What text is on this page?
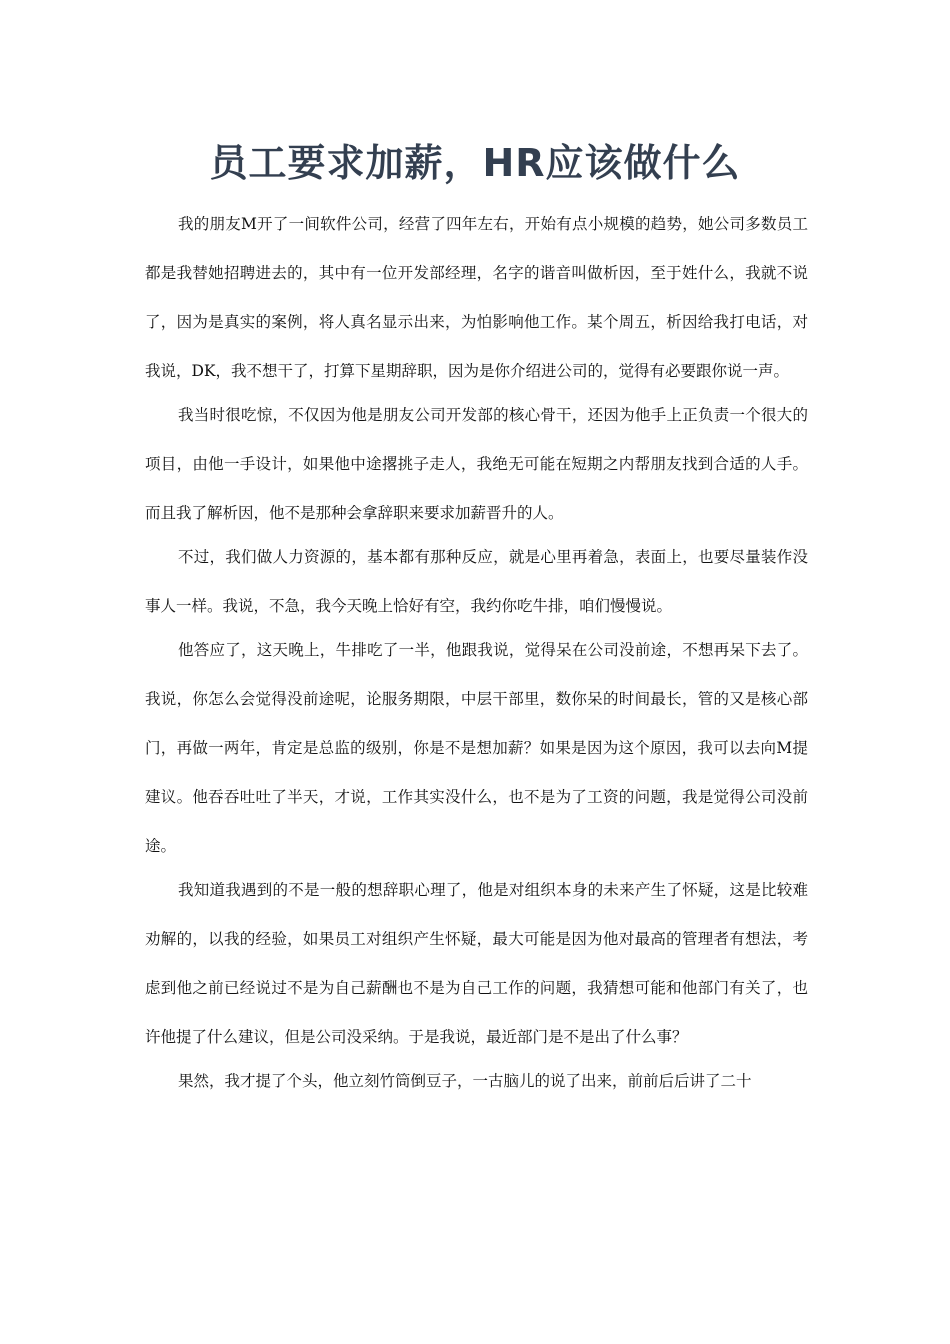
员工要求加薪，HR应该做什么

我的朋友M开了一间软件公司，经营了四年左右，开始有点小规模的趋势，她公司多数员工都是我替她招聘进去的，其中有一位开发部经理，名字的谐音叫做析因，至于姓什么，我就不说了，因为是真实的案例，将人真名显示出来，为怕影响他工作。某个周五，析因给我打电话，对我说，DK，我不想干了，打算下星期辞职，因为是你介绍进公司的，觉得有必要跟你说一声。

我当时很吃惊，不仅因为他是朋友公司开发部的核心骨干，还因为他手上正负责一个很大的项目，由他一手设计，如果他中途撂挑子走人，我绝无可能在短期之内帮朋友找到合适的人手。而且我了解析因，他不是那种会拿辞职来要求加薪晋升的人。

不过，我们做人力资源的，基本都有那种反应，就是心里再着急，表面上，也要尽量装作没事人一样。我说，不急，我今天晚上恰好有空，我约你吃牛排，咱们慢慢说。

他答应了，这天晚上，牛排吃了一半，他跟我说，觉得呆在公司没前途，不想再呆下去了。我说，你怎么会觉得没前途呢，论服务期限，中层干部里，数你呆的时间最长，管的又是核心部门，再做一两年，肯定是总监的级别，你是不是想加薪？如果是因为这个原因，我可以去向M提建议。他吞吞吐吐了半天，才说，工作其实没什么，也不是为了工资的问题，我是觉得公司没前途。

我知道我遇到的不是一般的想辞职心理了，他是对组织本身的未来产生了怀疑，这是比较难劝解的，以我的经验，如果员工对组织产生怀疑，最大可能是因为他对最高的管理者有想法，考虑到他之前已经说过不是为自己薪酬也不是为自己工作的问题，我猜想可能和他部门有关了，也许他提了什么建议，但是公司没采纳。于是我说，最近部门是不是出了什么事？

果然，我才提了个头，他立刻竹筒倒豆子，一古脑儿的说了出来，前前后后讲了二十
